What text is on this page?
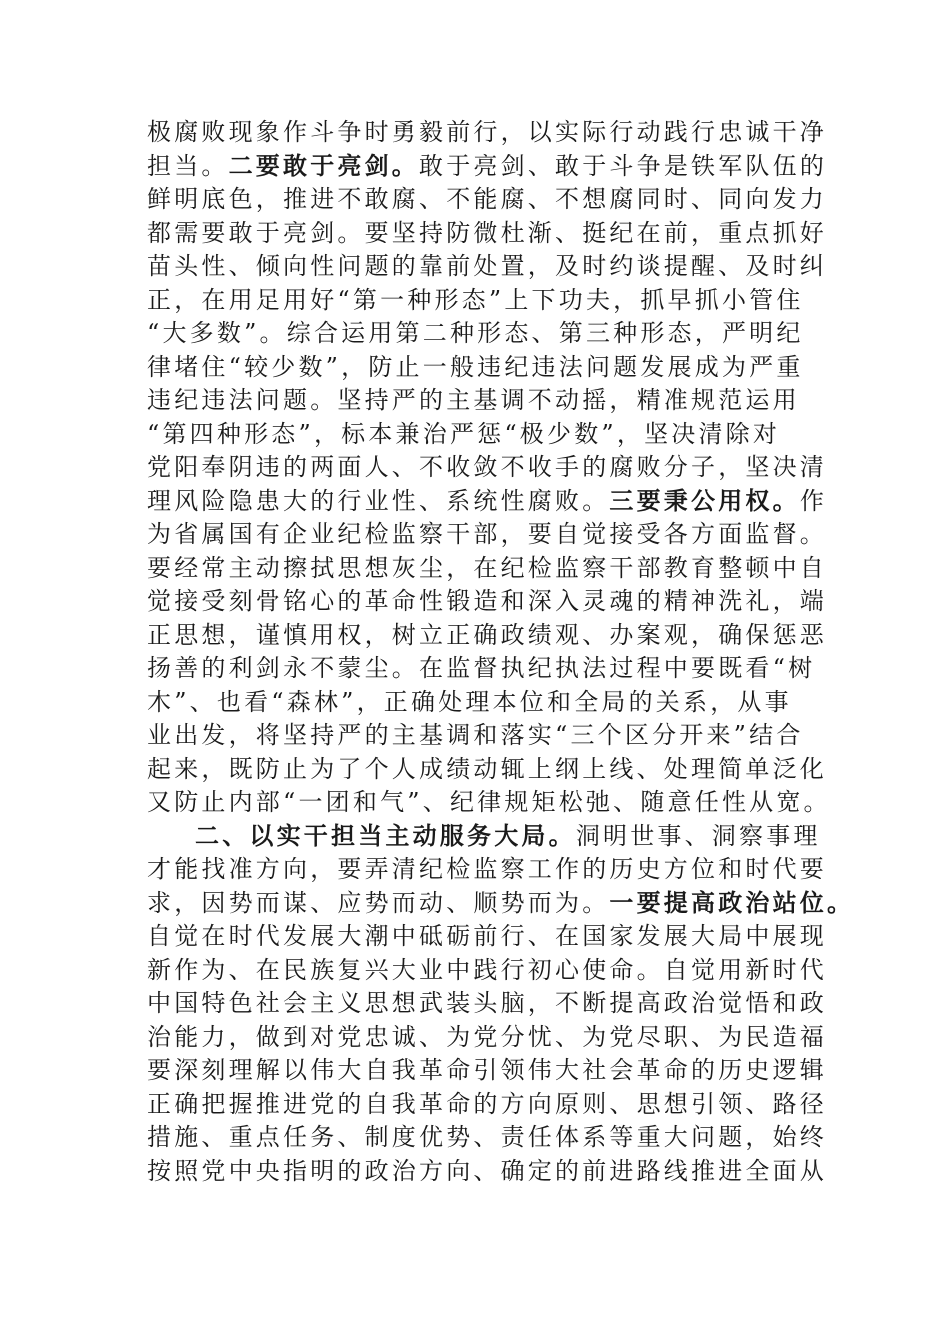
极腐败现象作斗争时勇毅前行，以实际行动践行忠诚干净
担当。二要敢于亮剑。敢于亮剑、敢于斗争是铁军队伍的
鲜明底色，推进不敢腐、不能腐、不想腐同时、同向发力
都需要敢于亮剑。要坚持防微杜渐、挺纪在前，重点抓好
苗头性、倾向性问题的靠前处置，及时约谈提醒、及时纠
正，在用足用好“第一种形态”上下功夫，抓早抓小管住
“大多数”。综合运用第二种形态、第三种形态，严明纪
律堵住“较少数”，防止一般违纪违法问题发展成为严重
违纪违法问题。坚持严的主基调不动摇，精准规范运用
“第四种形态”，标本兼治严惩“极少数”，坚决清除对
党阳奉阴违的两面人、不收敛不收手的腐败分子，坚决清
理风险隐患大的行业性、系统性腐败。三要秉公用权。作
为省属国有企业纪检监察干部，要自觉接受各方面监督。
要经常主动擦拭思想灰尘，在纪检监察干部教育整顿中自
觉接受刻骨铭心的革命性锻造和深入灵魂的精神洗礼，端
正思想，谨慎用权，树立正确政绩观、办案观，确保惩恶
扬善的利剑永不蒙尘。在监督执纪执法过程中要既看“树
木”、也看“森林”，正确处理本位和全局的关系，从事
业出发，将坚持严的主基调和落实“三个区分开来”结合
起来，既防止为了个人成绩动辄上纲上线、处理简单泛化
又防止内部“一团和气”、纪律规矩松弛、随意任性从宽。
二、以实干担当主动服务大局。洞明世事、洞察事理
才能找准方向，要弄清纪检监察工作的历史方位和时代要
求，因势而谋、应势而动、顺势而为。一要提高政治站位。
自觉在时代发展大潮中砥砺前行、在国家发展大局中展现
新作为、在民族复兴大业中践行初心使命。自觉用新时代
中国特色社会主义思想武装头脑，不断提高政治觉悟和政
治能力，做到对党忠诚、为党分忧、为党尽职、为民造福
要深刻理解以伟大自我革命引领伟大社会革命的历史逻辑
正确把握推进党的自我革命的方向原则、思想引领、路径
措施、重点任务、制度优势、责任体系等重大问题，始终
按照党中央指明的政治方向、确定的前进路线推进全面从
